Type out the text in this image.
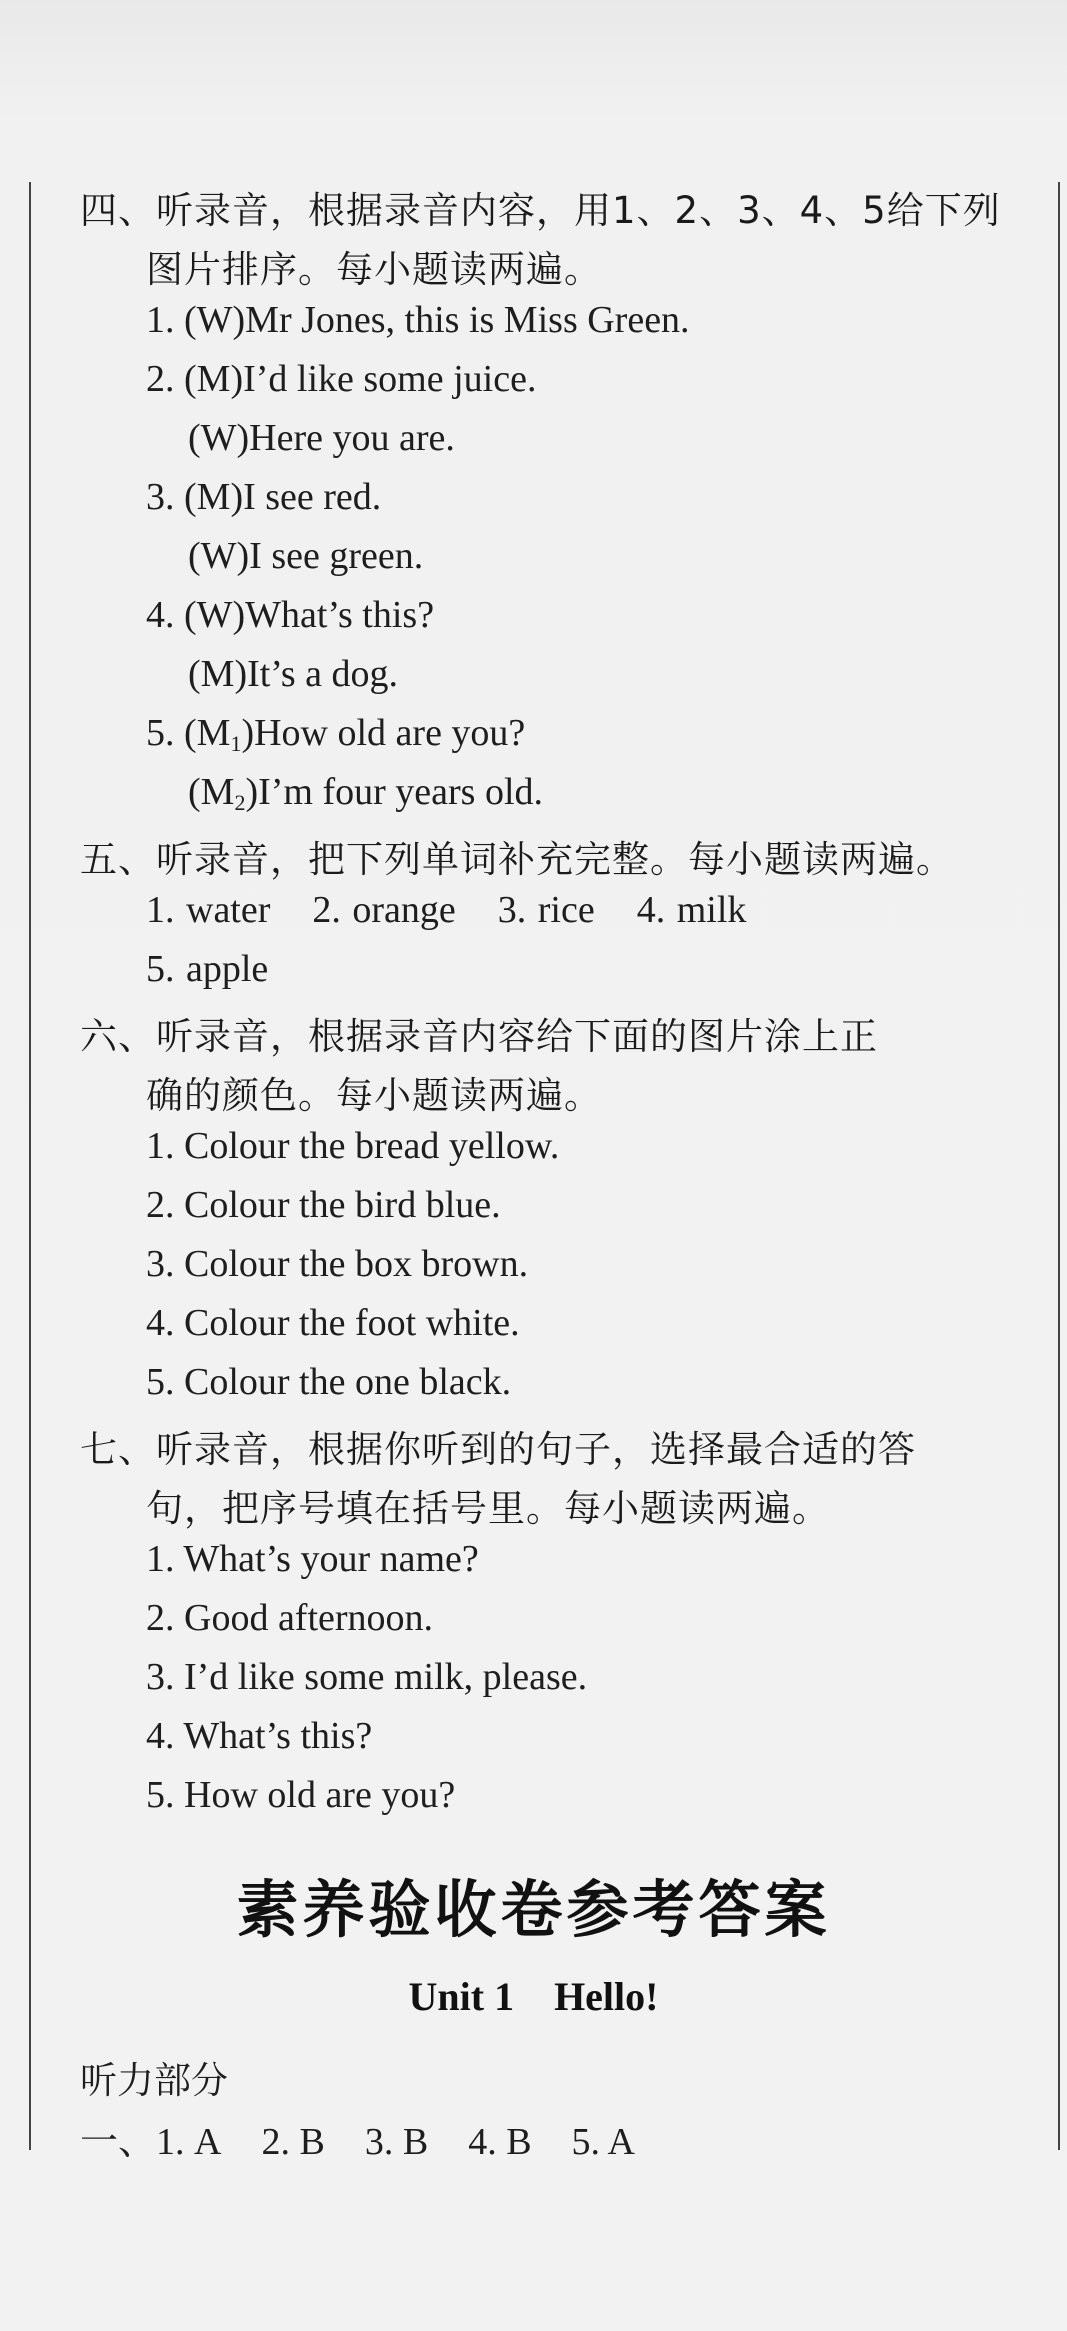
四、听录音，根据录音内容，用1、2、3、4、5给下列
图片排序。每小题读两遍。
1. (W)Mr Jones, this is Miss Green.
2. (M)I’d like some juice.
(W)Here you are.
3. (M)I see red.
(W)I see green.
4. (W)What’s this?
(M)It’s a dog.
5. $(M_1)How$ old are you?
$(M_2)I’m$ four years old.
五、听录音，把下列单词补充完整。每小题读两遍。
1. water 2. orange 3. rice 4. milk
5. apple
六、听录音，根据录音内容给下面的图片涂上正
确的颜色。每小题读两遍。
1. Colour the bread yellow.
2. Colour the bird blue.
3. Colour the box brown.
4. Colour the foot white.
5. Colour the one black.
七、听录音，根据你听到的句子，选择最合适的答
句，把序号填在括号里。每小题读两遍。
1. What’s your name?
2. Good afternoon.
3. I’d like some milk, please.
4. What’s this?
5. How old are you?
素养验收卷参考答案
Unit 1　Hello!
听力部分
一、1. A 2. B 3. B 4. B 5. A
